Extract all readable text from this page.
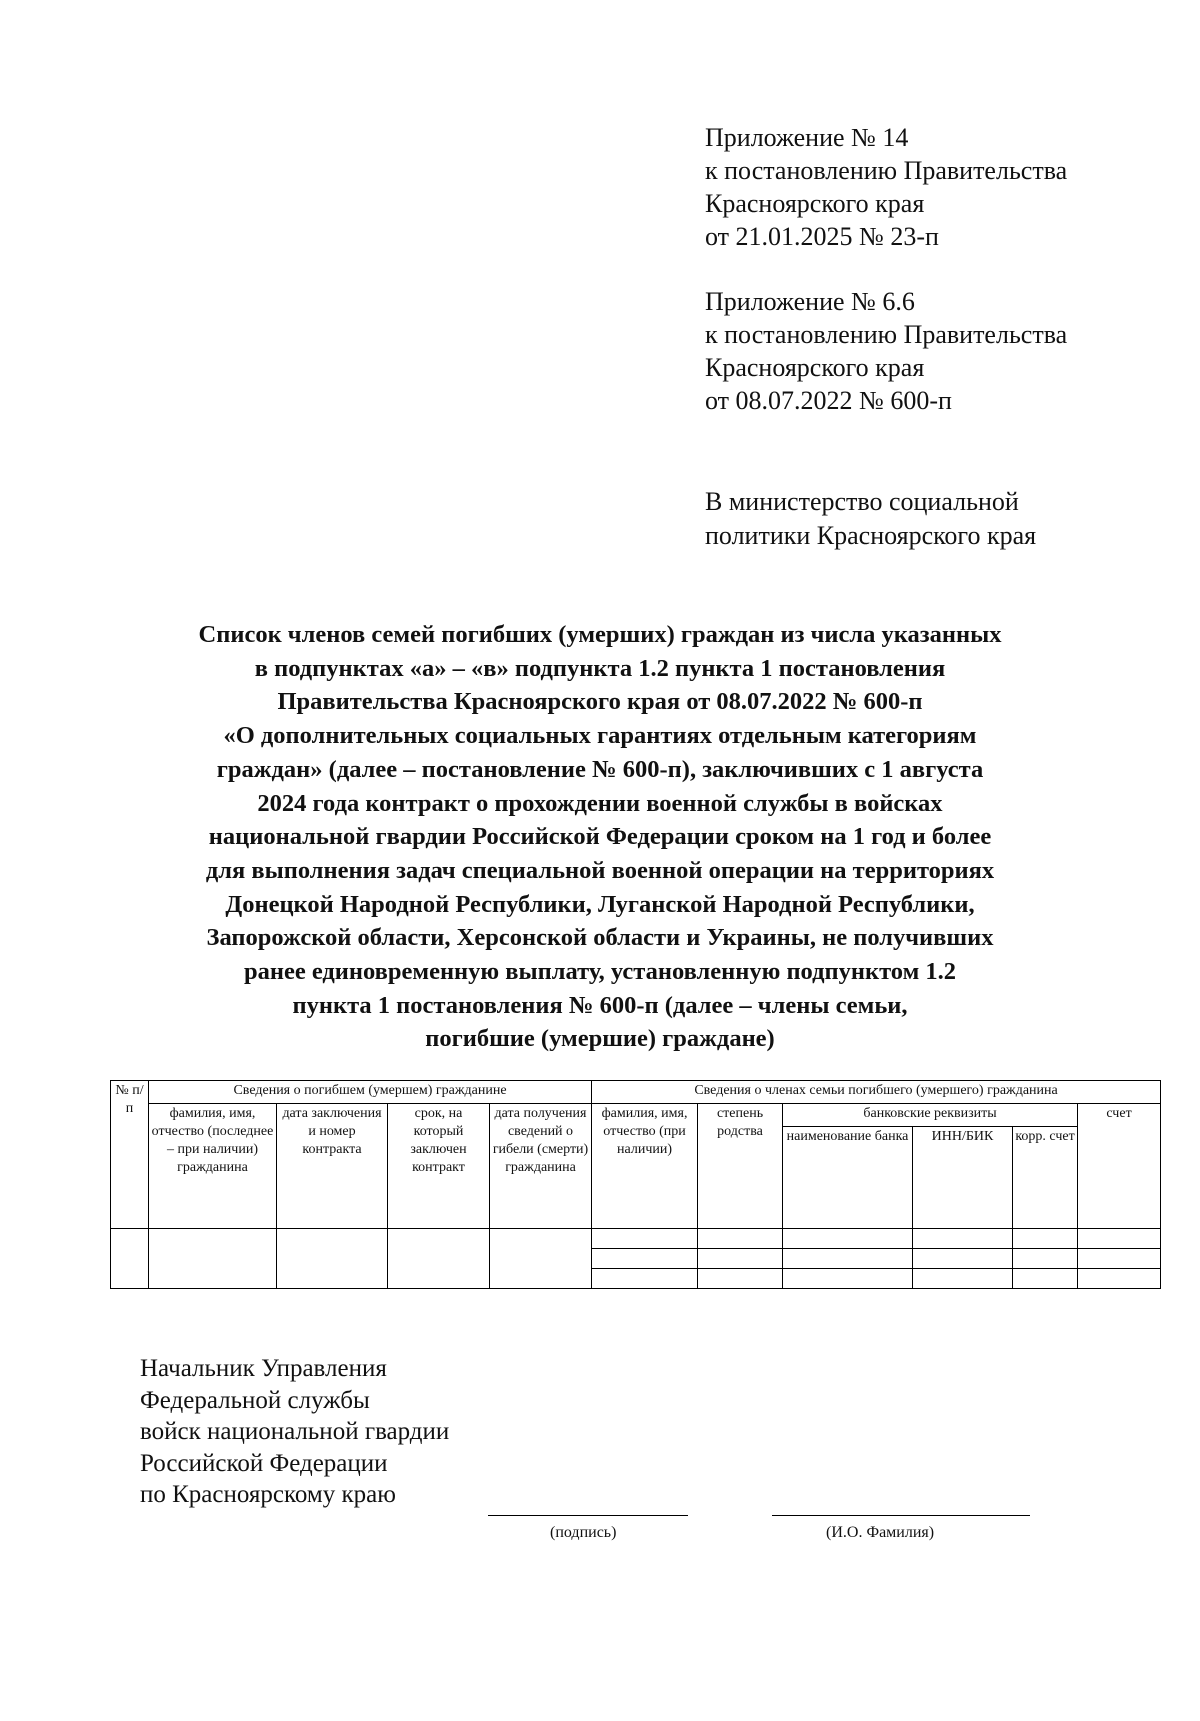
Приложение № 14
к постановлению Правительства
Красноярского края
от 21.01.2025 № 23-п
Приложение № 6.6
к постановлению Правительства
Красноярского края
от 08.07.2022 № 600-п
В министерство социальной
политики Красноярского края
Список членов семей погибших (умерших) граждан из числа указанных
в подпунктах «а» – «в» подпункта 1.2 пункта 1 постановления
Правительства Красноярского края от 08.07.2022 № 600-п
«О дополнительных социальных гарантиях отдельным категориям
граждан» (далее – постановление № 600-п), заключивших с 1 августа
2024 года контракт о прохождении военной службы в войсках
национальной гвардии Российской Федерации сроком на 1 год и более
для выполнения задач специальной военной операции на территориях
Донецкой Народной Республики, Луганской Народной Республики,
Запорожской области, Херсонской области и Украины, не получивших
ранее единовременную выплату, установленную подпунктом 1.2
пункта 1 постановления № 600-п (далее – члены семьи,
погибшие (умершие) граждане)
№ п/п	Сведения о погибшем (умершем) гражданине				Сведения о членах семьи погибшего (умершего) гражданина					
	фамилия, имя, отчество (последнее – при наличии) гражданина	дата заключения и номер контракта	срок, на который заключен контракт	дата получения сведений о гибели (смерти) гражданина	фамилия, имя, отчество (при наличии)	степень родства	банковские реквизиты			счет
							наименование банка	ИНН/БИК	корр. счет	

Начальник Управления
Федеральной службы
войск национальной гвардии
Российской Федерации
по Красноярскому краю
(подпись)	(И.О. Фамилия)
